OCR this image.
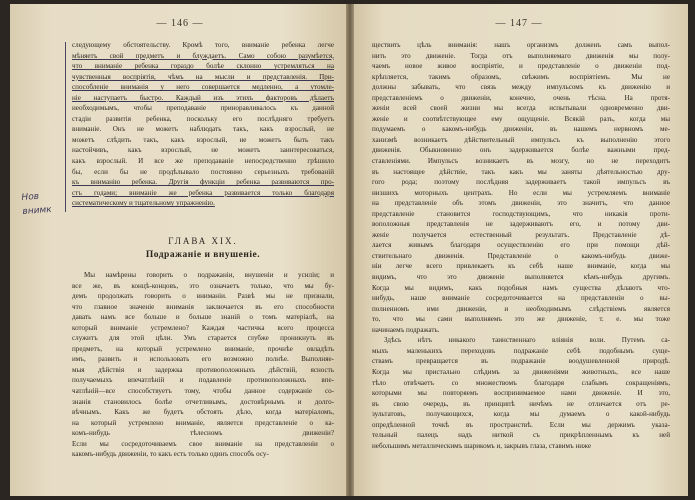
— 146 —
Нов
внимк
следующему обстоятельству. Кромѣ того, вниманіе ребенка легче
мѣняетъ свой предметъ и блуждаетъ. Само собою разумѣется,
что вниманіе ребенка гораздо болѣе склонно устремляться на
чувственныя воспріятія, чѣмъ на мысли и представленія. При-
способленіе вниманія у него совершается медленно, а утомле-
ніе наступаетъ быстро. Каждый изъ этихъ факторовъ дѣлаетъ
необходимымъ, чтобы преподаваніе приноравливалось къ данной
стадіи развитія ребенка, поскольку его послѣдняго требуетъ
вниманіе. Онъ не можетъ наблюдать такъ, какъ взрослый, не
можетъ слѣдить такъ, какъ взрослый, не можетъ быть такъ
настойчивъ, какъ взрослый, не можетъ заинтересоваться,
какъ взрослый. И все же преподаваніе непосредственно грѣшило
бы, если бы не продѣлывало постоянно серьезныхъ требованій
къ вниманію ребенка. Другія функціи ребенка развиваются про-
стъ годами; вниманіе же ребенка развивается только благодаря
систематическому и тщательному упражненію.
ГЛАВА XIX.
Подражаніе и внушеніе.
Мы намѣрены говорить о подражаніи, внушеніи и усиліи; и
все же, въ концѣ-концовъ, это означаетъ только, что мы бу-
демъ продолжать говорить о вниманіи. Развѣ мы не признали,
что главное значеніе вниманія заключается въ его способности
давать намъ все больше и больше знаній о томъ матеріалѣ, на
который вниманіе устремлено? Каждая частичка всего процесса
служитъ для этой цѣли. Умъ старается глубже проникнуть въ
предметъ, на который устремлено вниманіе, прочнѣе овладѣть
имъ, развить и использовать его возможно полнѣе. Выполняе-
мыя дѣйствія и задержка противоположныхъ дѣйствій, ясность
получаемыхъ впечатлѣній и подавленіе противоположныхъ впе-
чатлѣній—все способствуетъ тому, чтобы данное содержаніе со-
знанія становилось болѣе отчетливымъ, достовѣрнымъ и долго-
вѣчнымъ. Какъ же будетъ обстоять дѣло, когда матеріаломъ,
на который устремлено вниманіе, является представленіе о ка-
комъ-нибудь тѣлесномъ движеніи?
Если мы сосредоточиваемъ свое вниманіе на представленіи о
какомъ-нибудь движеніи, то какъ есть только одинъ способъ осу-
— 147 —
ществить цѣль вниманія: нашъ организмъ долженъ самъ выпол-
нить это движеніе. Тогда отъ выполняемаго движенія мы полу-
чаемъ новое живое воспріятіе, и представленіе о движеніи под-
крѣпляется, такимъ образомъ, свѣжимъ воспріятіемъ. Мы не
должны забывать, что связь между импульсомъ къ движенію и
представленіемъ о движеніи, конечно, очень тѣсна. На протя-
женіи всей своей жизни мы всегда испытывали одновременно дви-
женіе и соотвѣтствующее ему ощущеніе. Всякій разъ, когда мы
подумаемъ о какомъ-нибудь движеніи, въ нашемъ нервномъ ме-
ханизмѣ возникаетъ дѣйствительный импульсъ къ выполненію этого
движенія. Обыкновенно онъ задерживается болѣе важными пред-
ставленіями. Импульсъ возникаетъ въ мозгу, но не переходитъ
въ настоящее дѣйствіе, такъ какъ мы заняты дѣятельностью дру-
гого рода; поэтому послѣдняя задерживаетъ такой импульсъ въ
низшихъ моторныхъ центрахъ. Но если мы устремляемъ вниманіе
на представленіе объ этомъ движеніи, это значитъ, что данное
представленіе становится господствующимъ, что никакія проти-
воположныя представленія не задерживаютъ его, и потому дви-
женіе получается естественный результатъ. Представленіе дѣ-
лается живымъ благодаря осуществленію его при помощи дѣй-
ствительнаго движенія. Представленіе о какомъ-нибудь движе-
ніи легче всего привлекаетъ къ себѣ наше вниманіе, когда мы
видимъ, что это движеніе выполняется кѣмъ-нибудь другимъ.
Когда мы видимъ, какъ подобныя намъ существа дѣлаютъ что-
нибудь, наше вниманіе сосредоточивается на представленіи о вы-
полненномъ ими движеніи, и необходимымъ слѣдствіемъ является
то, что мы сами выполняемъ это же движеніе, т. е. мы тоже
начинаемъ подражать.
Здѣсь нѣтъ никакого таинственнаго вліянія воли. Путемъ са-
мыхъ маленькихъ переходовъ подражаніе себѣ подобнымъ суще-
ствамъ превращается въ подражаніе воодушевленной природѣ.
Когда мы пристально слѣдимъ за движеніями животныхъ, все наше
тѣло отвѣчаетъ со множествомъ благодаря слабымъ сокращеніямъ,
которыми мы повторяемъ воспринимаемое нами движеніе. И это,
въ свою очередь, въ принципѣ ничѣмъ не отличается отъ ре-
зультатовъ, получающихся, когда мы думаемъ о какой-нибудь
опредѣленной точкѣ въ пространствѣ. Если мы держимъ указа-
тельный палецъ надъ ниткой съ прикрѣпленнымъ къ ней
небольшимъ металлическимъ шарикомъ и, закрывъ глаза, ставимъ ниже
